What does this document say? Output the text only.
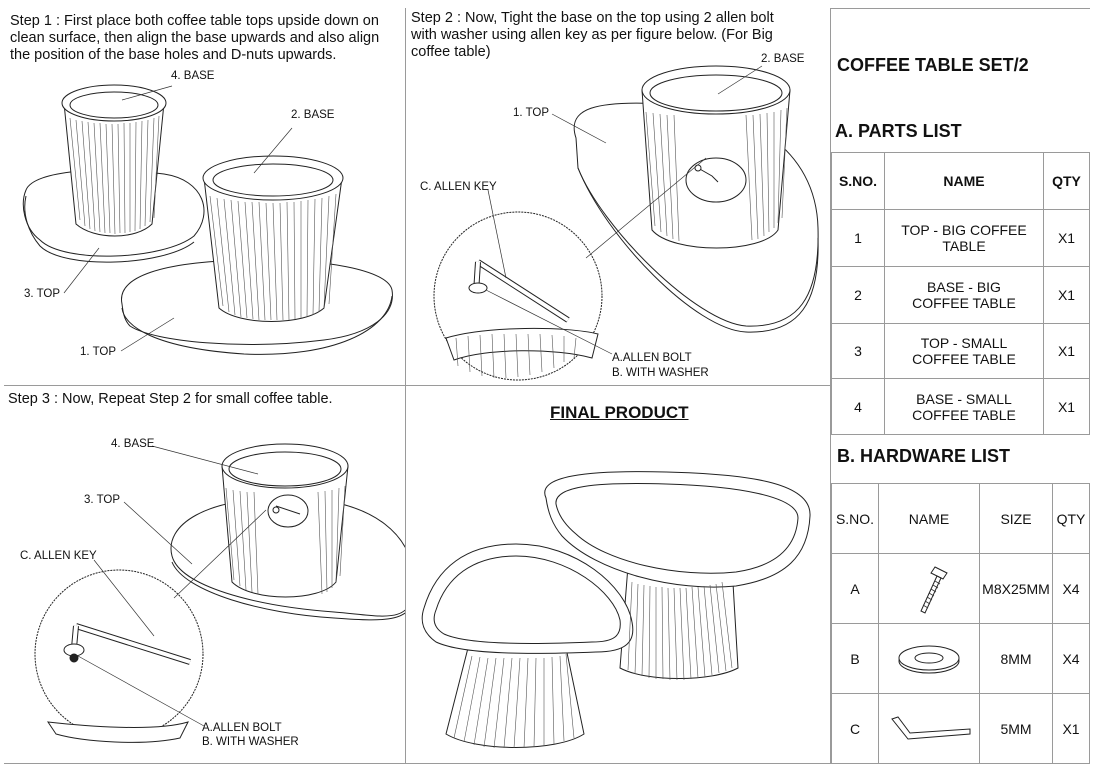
Step 1 : First place both coffee table tops upside down on clean surface, then align the base upwards and also align the position of the base holes and D-nuts upwards.
4. BASE
2. BASE
3. TOP
1. TOP
Step 2 : Now, Tight the base on the top using 2 allen bolt with washer using allen key as per figure below. (For Big coffee table)	2. BASE
1. TOP
C. ALLEN KEY
A.ALLEN BOLT
B. WITH WASHER
Step 3 : Now, Repeat Step 2 for small coffee table.
4. BASE
3. TOP
C. ALLEN KEY
A.ALLEN BOLT
B. WITH WASHER
FINAL PRODUCT
COFFEE TABLE SET/2
A. PARTS LIST
S.NO.	NAME	QTY
1	TOP - BIG COFFEE TABLE	X1
2	BASE - BIG COFFEE TABLE	X1
3	TOP - SMALL COFFEE TABLE	X1
4	BASE - SMALL COFFEE TABLE	X1
B. HARDWARE LIST
S.NO.	NAME	SIZE	QTY
A		M8X25MM	X4
B		8MM	X4
C		5MM	X1
